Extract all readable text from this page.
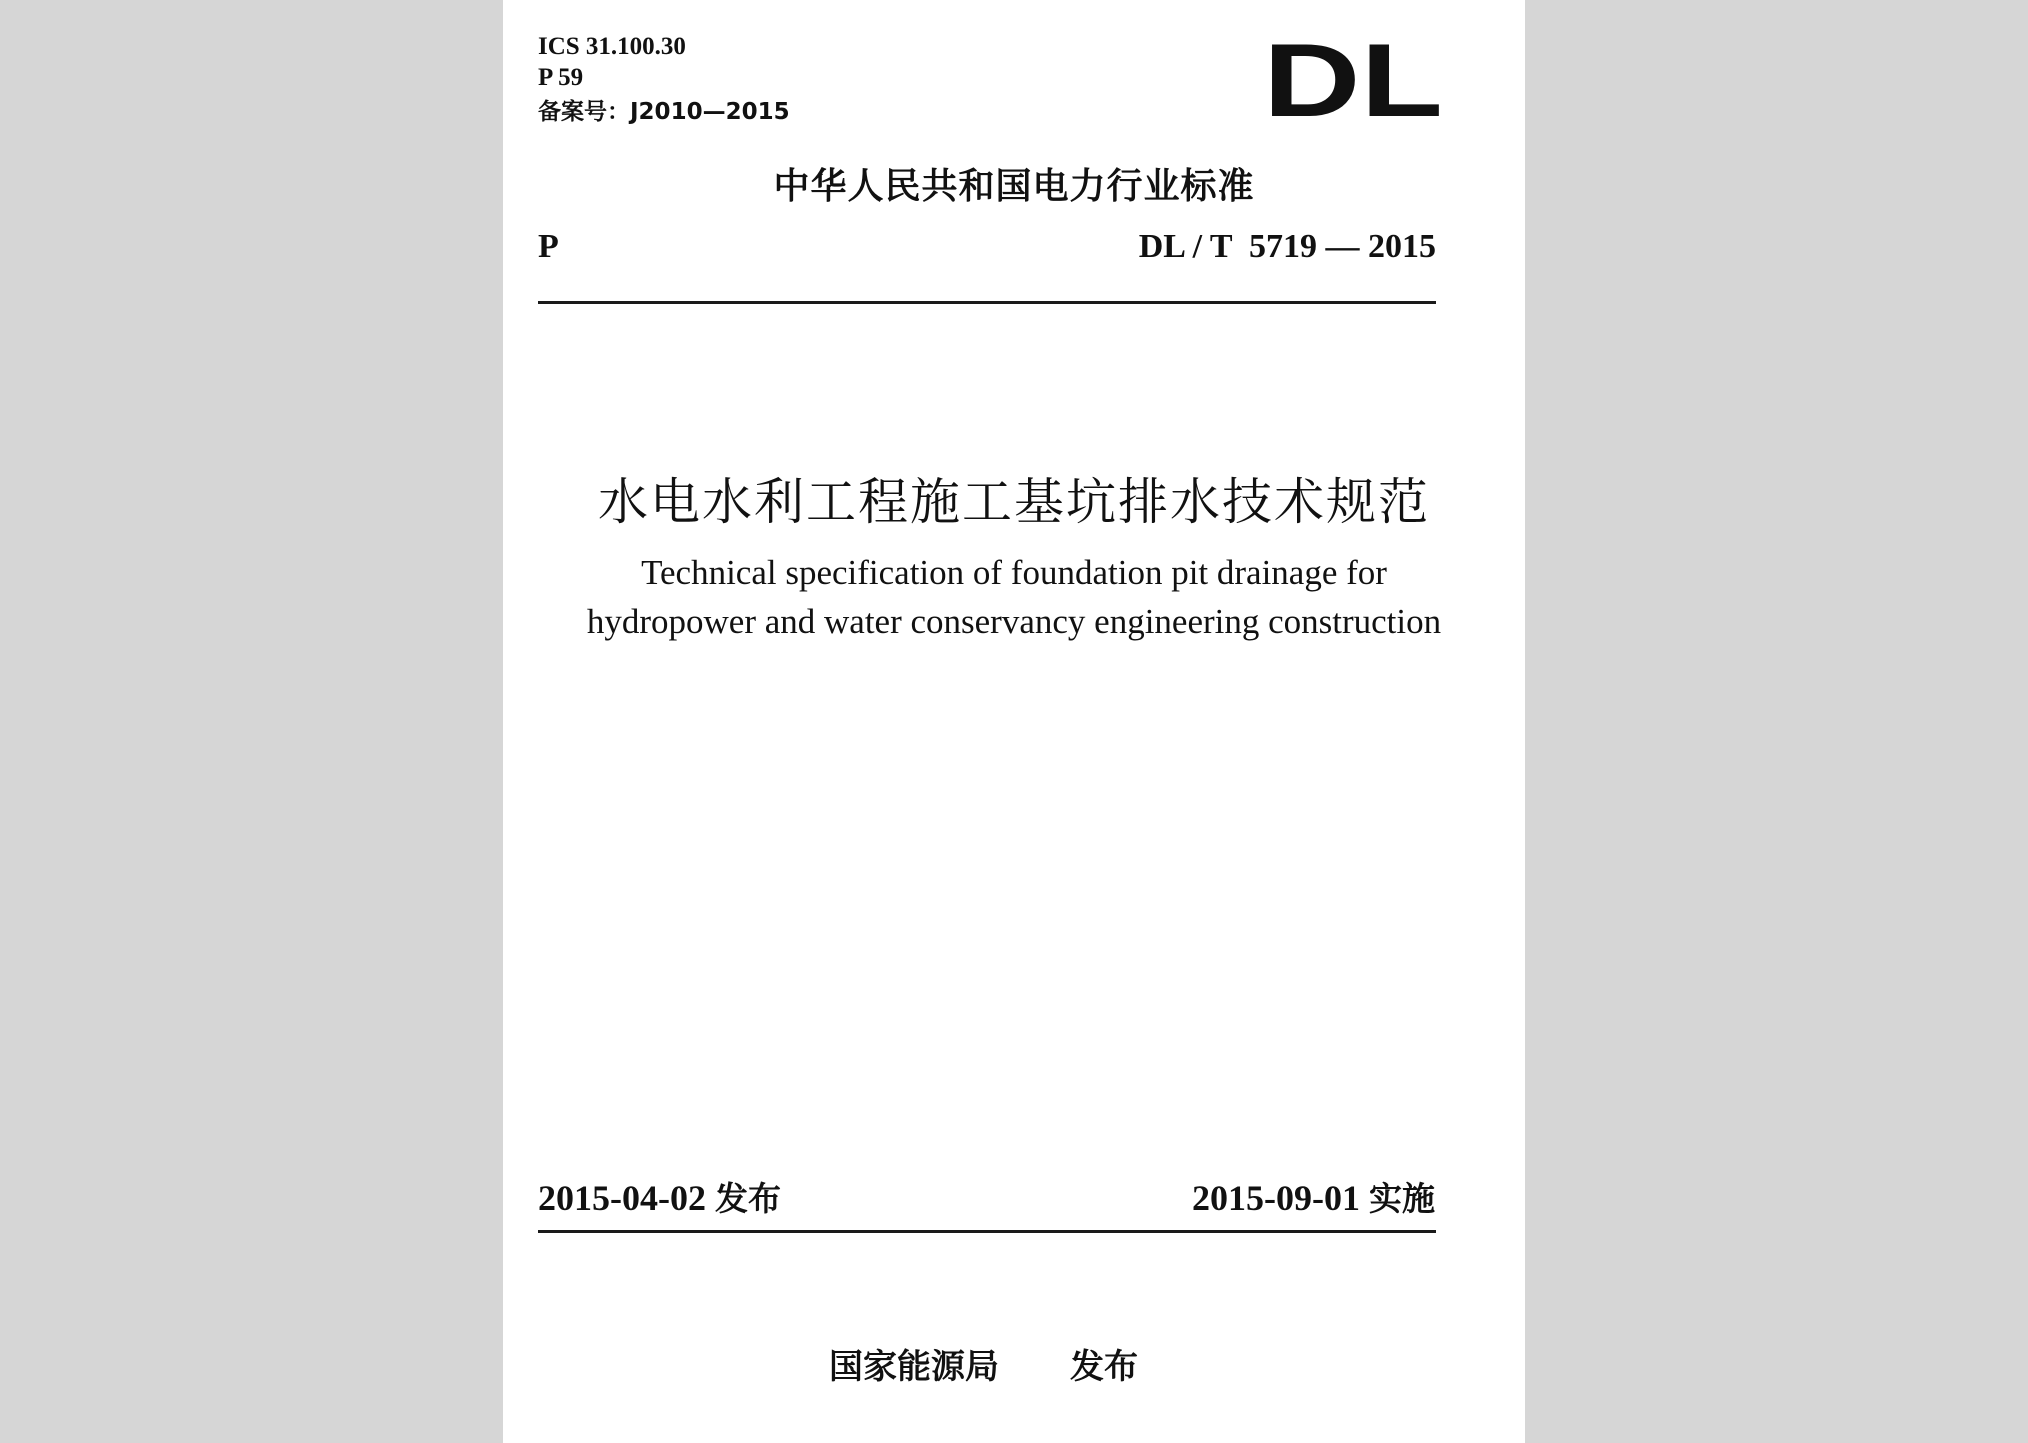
ICS 31.100.30

P 59

备案号：J2010—2015	DL

中华人民共和国电力行业标准

P	DL / T  5719 — 2015

水电水利工程施工基坑排水技术规范

Technical specification of foundation pit drainage for

hydropower and water conservancy engineering construction

2015-04-02 发布	2015-09-01 实施

国家能源局 发布
